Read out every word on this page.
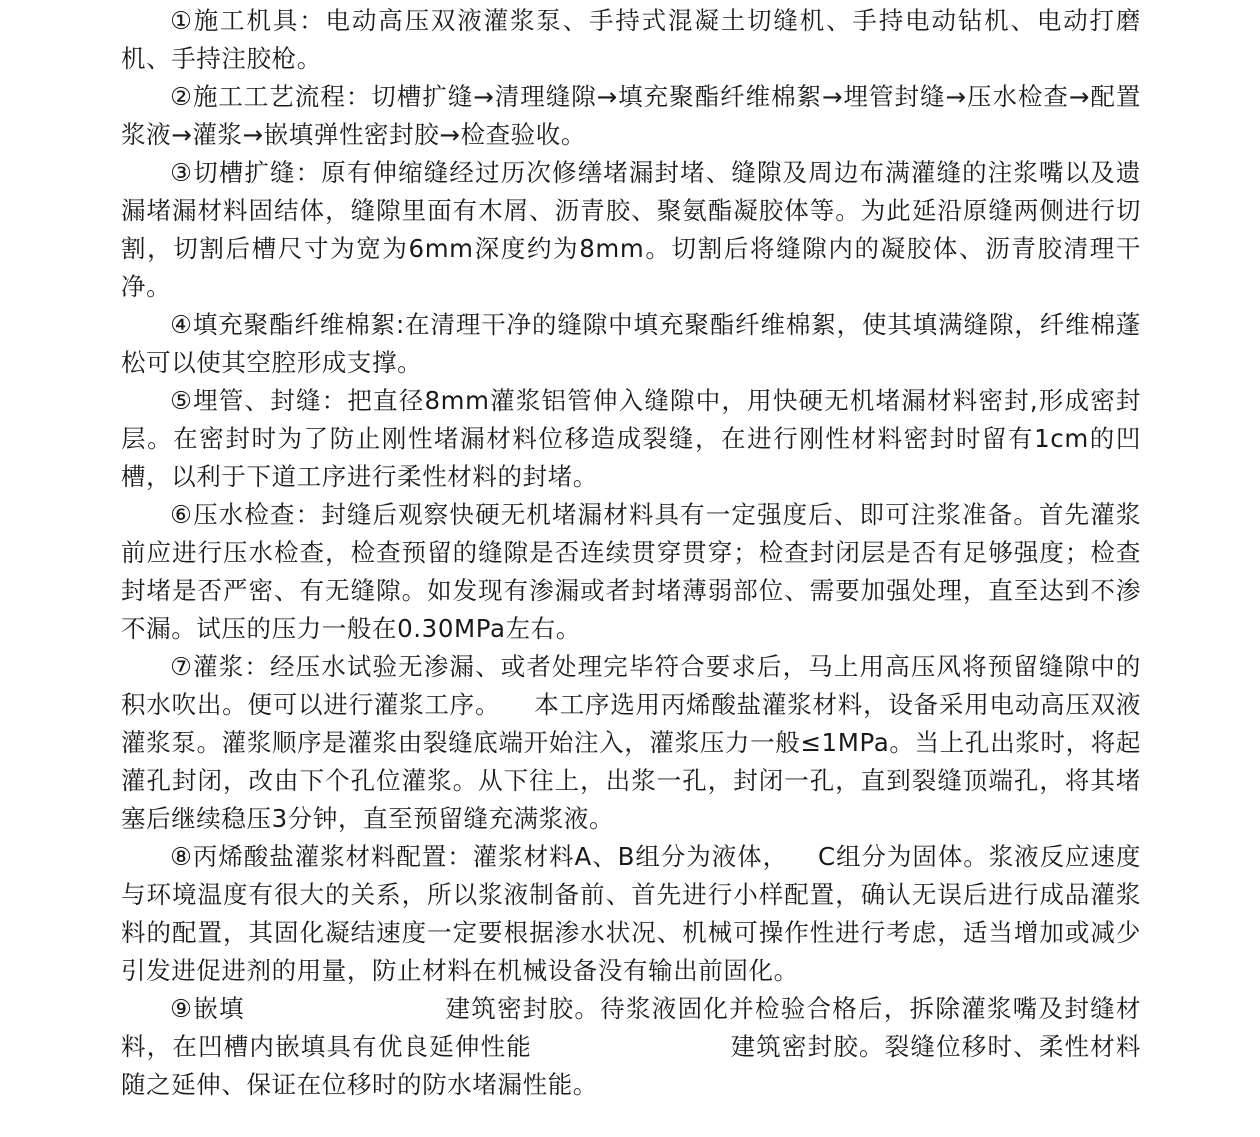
①施工机具：电动高压双液灌浆泵、手持式混凝土切缝机、手持电动钻机、电动打磨机、手持注胶枪。

②施工工艺流程：切槽扩缝→清理缝隙→填充聚酯纤维棉絮→埋管封缝→压水检查→配置浆液→灌浆→嵌填弹性密封胶→检查验收。

③切槽扩缝：原有伸缩缝经过历次修缮堵漏封堵、缝隙及周边布满灌缝的注浆嘴以及遗漏堵漏材料固结体，缝隙里面有木屑、沥青胶、聚氨酯凝胶体等。为此延沿原缝两侧进行切割，切割后槽尺寸为宽为6mm深度约为8mm。切割后将缝隙内的凝胶体、沥青胶清理干净。

④填充聚酯纤维棉絮:在清理干净的缝隙中填充聚酯纤维棉絮，使其填满缝隙，纤维棉蓬松可以使其空腔形成支撑。

⑤埋管、封缝：把直径8mm灌浆铝管伸入缝隙中，用快硬无机堵漏材料密封,形成密封层。在密封时为了防止刚性堵漏材料位移造成裂缝，在进行刚性材料密封时留有1cm的凹槽，以利于下道工序进行柔性材料的封堵。

⑥压水检查：封缝后观察快硬无机堵漏材料具有一定强度后、即可注浆准备。首先灌浆前应进行压水检查，检查预留的缝隙是否连续贯穿贯穿；检查封闭层是否有足够强度；检查封堵是否严密、有无缝隙。如发现有渗漏或者封堵薄弱部位、需要加强处理，直至达到不渗不漏。试压的压力一般在0.30MPa左右。

⑦灌浆：经压水试验无渗漏、或者处理完毕符合要求后，马上用高压风将预留缝隙中的积水吹出。便可以进行灌浆工序。 本工序选用丙烯酸盐灌浆材料，设备采用电动高压双液灌浆泵。灌浆顺序是灌浆由裂缝底端开始注入，灌浆压力一般≤1MPa。当上孔出浆时，将起灌孔封闭，改由下个孔位灌浆。从下往上，出浆一孔，封闭一孔，直到裂缝顶端孔，将其堵塞后继续稳压3分钟，直至预留缝充满浆液。

⑧丙烯酸盐灌浆材料配置：灌浆材料A、B组分为液体， C组分为固体。浆液反应速度与环境温度有很大的关系，所以浆液制备前、首先进行小样配置，确认无误后进行成品灌浆料的配置，其固化凝结速度一定要根据渗水状况、机械可操作性进行考虑，适当增加或减少引发进促进剂的用量，防止材料在机械设备没有输出前固化。

⑨嵌填	建筑密封胶。待浆液固化并检验合格后，拆除灌浆嘴及封缝材料，在凹槽内嵌填具有优良延伸性能	建筑密封胶。裂缝位移时、柔性材料随之延伸、保证在位移时的防水堵漏性能。
